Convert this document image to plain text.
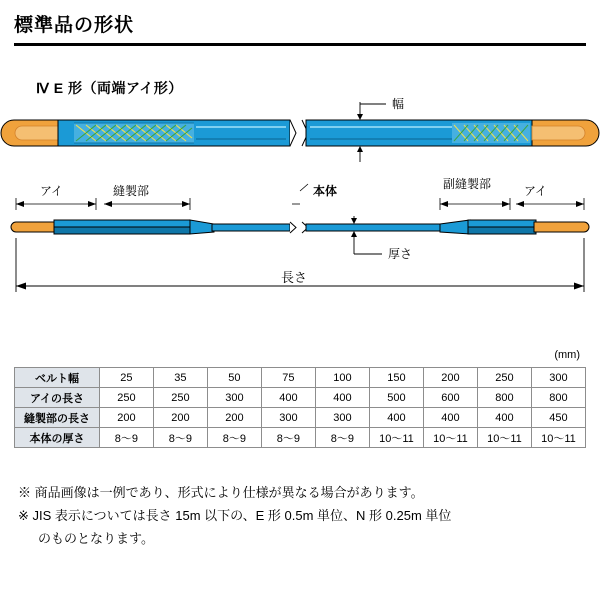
標準品の形状
Ⅳ E 形（両端アイ形）
幅
アイ	縫製部	本体	副縫製部	アイ
厚さ
長さ
(mm)
ベルト幅	25	35	50	75	100	150	200	250	300
アイの長さ	250	250	300	400	400	500	600	800	800
縫製部の長さ	200	200	200	300	300	400	400	400	450
本体の厚さ	8～9	8～9	8～9	8～9	8～9	10～11	10～11	10～11	10～11
※ 商品画像は一例であり、形式により仕様が異なる場合があります。
※ JIS 表示については長さ 15m 以下の、E 形 0.5m 単位、N 形 0.25m 単位
のものとなります。
